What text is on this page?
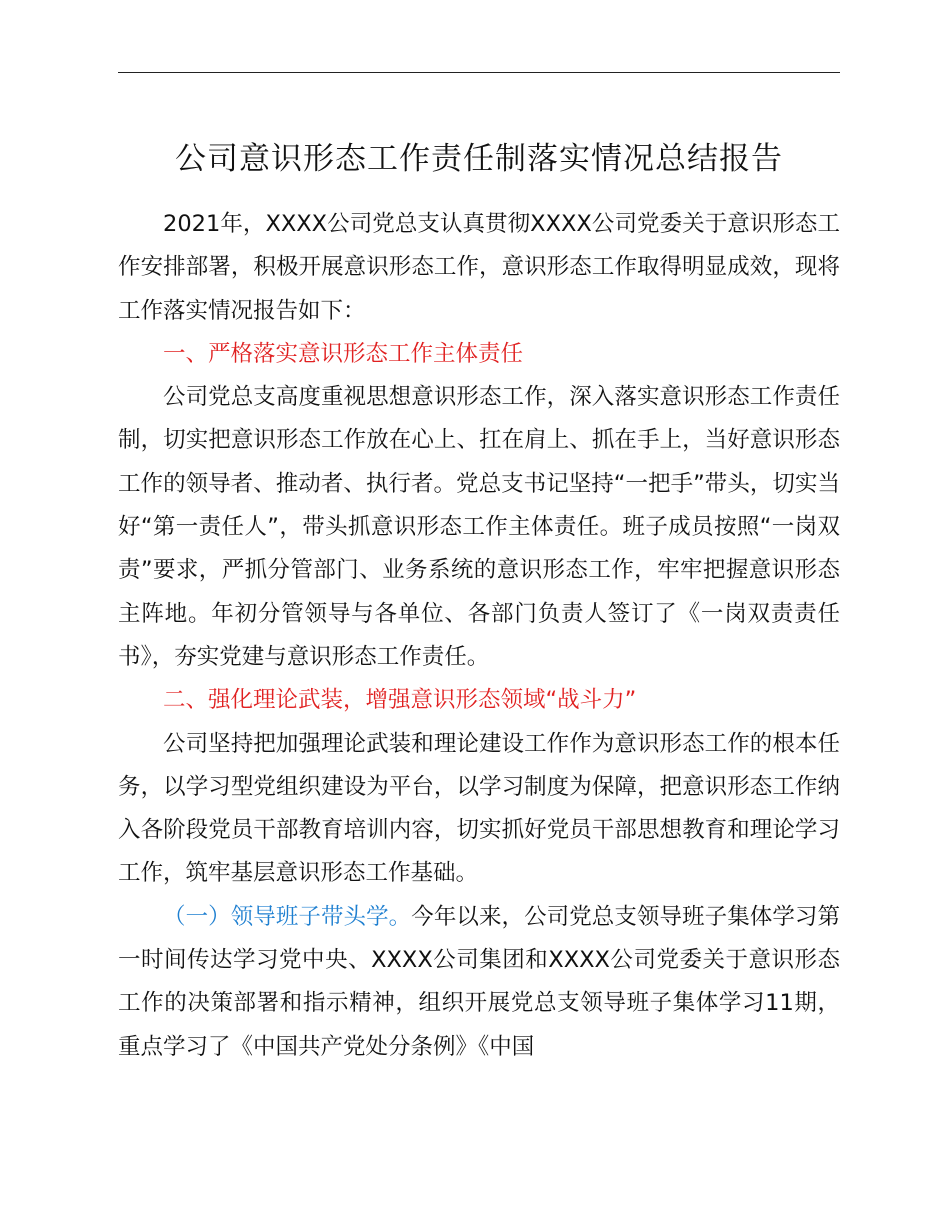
公司意识形态工作责任制落实情况总结报告

2021年，XXXX公司党总支认真贯彻XXXX公司党委关于意识形态工作安排部署，积极开展意识形态工作，意识形态工作取得明显成效，现将工作落实情况报告如下：

一、严格落实意识形态工作主体责任

公司党总支高度重视思想意识形态工作，深入落实意识形态工作责任制，切实把意识形态工作放在心上、扛在肩上、抓在手上，当好意识形态工作的领导者、推动者、执行者。党总支书记坚持“一把手”带头，切实当好“第一责任人”，带头抓意识形态工作主体责任。班子成员按照“一岗双责”要求，严抓分管部门、业务系统的意识形态工作，牢牢把握意识形态主阵地。年初分管领导与各单位、各部门负责人签订了《一岗双责责任书》，夯实党建与意识形态工作责任。

二、强化理论武装，增强意识形态领域“战斗力”

公司坚持把加强理论武装和理论建设工作作为意识形态工作的根本任务，以学习型党组织建设为平台，以学习制度为保障，把意识形态工作纳入各阶段党员干部教育培训内容，切实抓好党员干部思想教育和理论学习工作，筑牢基层意识形态工作基础。

（一）领导班子带头学。今年以来，公司党总支领导班子集体学习第一时间传达学习党中央、XXXX公司集团和XXXX公司党委关于意识形态工作的决策部署和指示精神，组织开展党总支领导班子集体学习11期，重点学习了《中国共产党处分条例》《中国
